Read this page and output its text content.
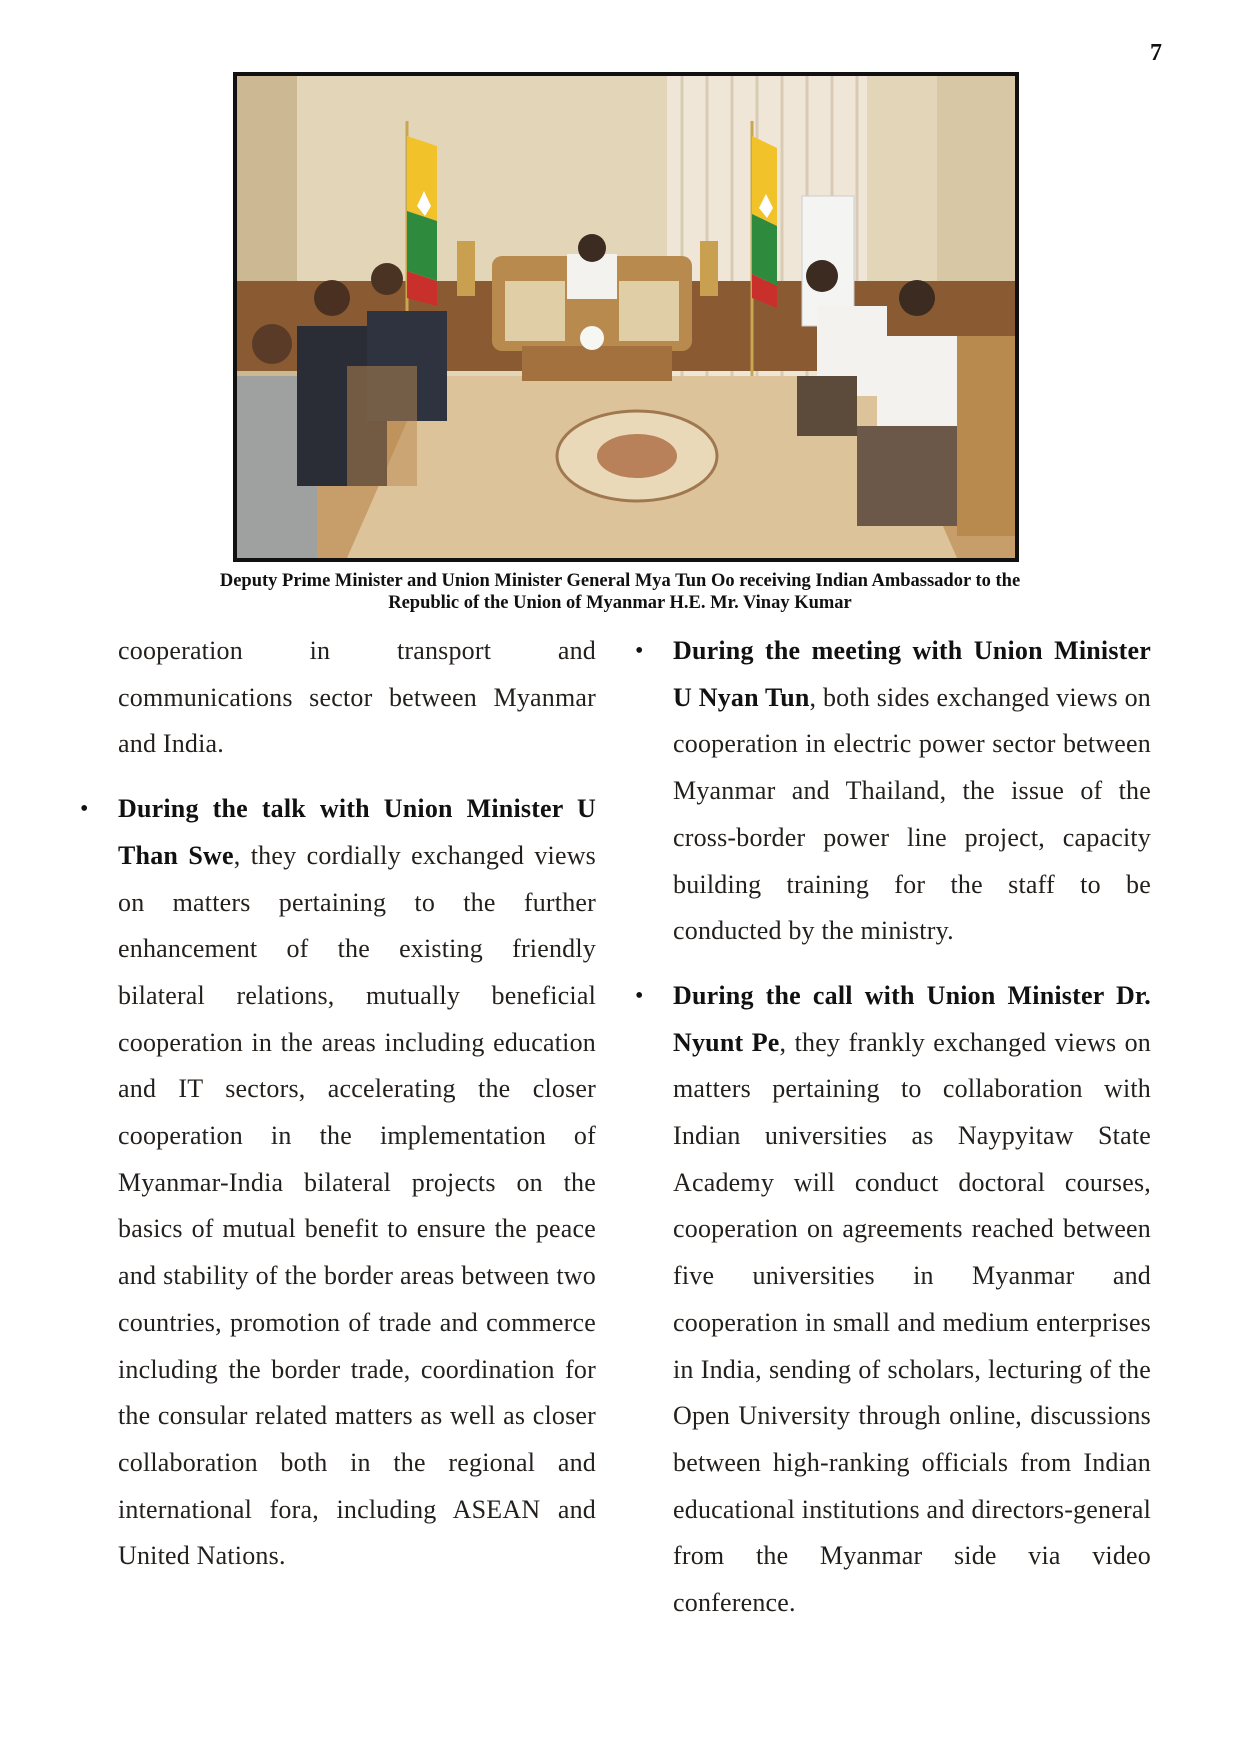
7
Deputy Prime Minister and Union Minister General Mya Tun Oo receiving Indian Ambassador to the
Republic of the Union of Myanmar H.E. Mr. Vinay Kumar

cooperation in transport and communications sector between Myanmar and India.

• During the talk with Union Minister U Than Swe, they cordially exchanged views on matters pertaining to the further enhancement of the existing friendly bilateral relations, mutually beneficial cooperation in the areas including education and IT sectors, accelerating the closer cooperation in the implementation of Myanmar-India bilateral projects on the basics of mutual benefit to ensure the peace and stability of the border areas between two countries, promotion of trade and commerce including the border trade, coordination for the consular related matters as well as closer collaboration both in the regional and international fora, including ASEAN and United Nations.
• During the meeting with Union Minister U Nyan Tun, both sides exchanged views on cooperation in electric power sector between Myanmar and Thailand, the issue of the cross-border power line project, capacity building training for the staff to be conducted by the ministry.
• During the call with Union Minister Dr. Nyunt Pe, they frankly exchanged views on matters pertaining to collaboration with Indian universities as Naypyitaw State Academy will conduct doctoral courses, cooperation on agreements reached between five universities in Myanmar and cooperation in small and medium enterprises in India, sending of scholars, lecturing of the Open University through online, discussions between high-ranking officials from Indian educational institutions and directors-general from the Myanmar side via video conference.
